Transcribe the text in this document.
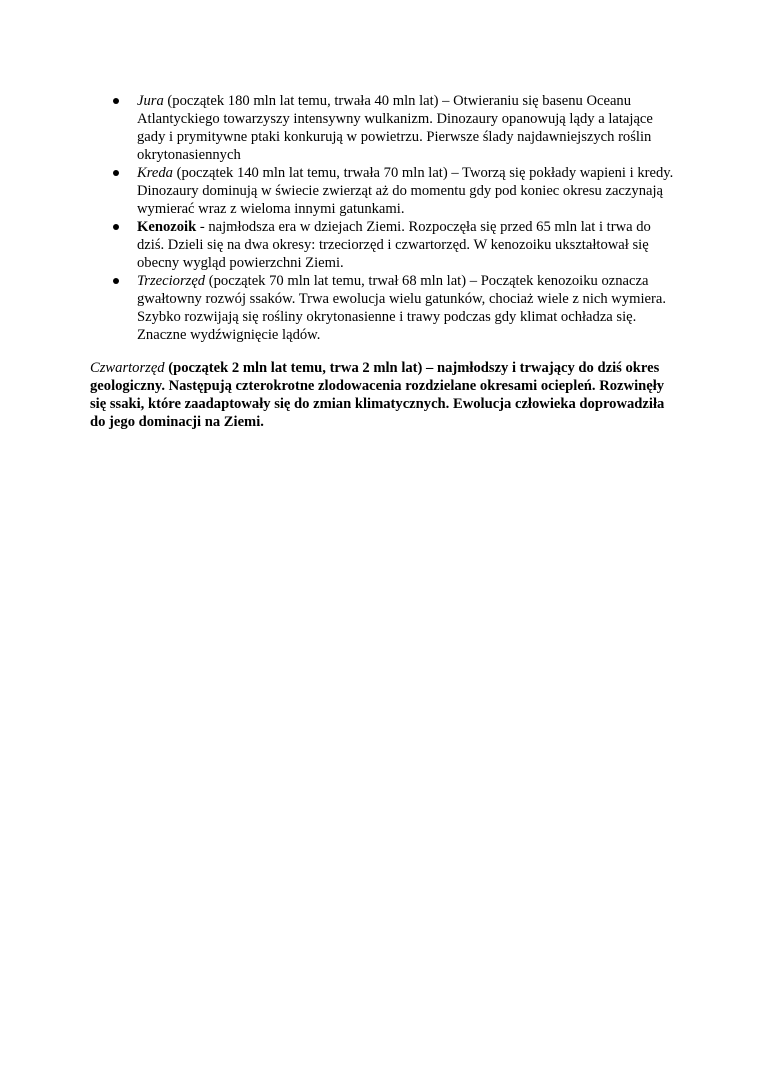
Jura (początek 180 mln lat temu, trwała 40 mln lat) – Otwieraniu się basenu Oceanu Atlantyckiego towarzyszy intensywny wulkanizm. Dinozaury opanowują lądy a latające gady i prymitywne ptaki konkurują w powietrzu. Pierwsze ślady najdawniejszych roślin okrytonasiennych
Kreda (początek 140 mln lat temu, trwała 70 mln lat) – Tworzą się pokłady wapieni i kredy. Dinozaury dominują w świecie zwierząt aż do momentu gdy pod koniec okresu zaczynają wymierać wraz z wieloma innymi gatunkami.
Kenozoik - najmłodsza era w dziejach Ziemi. Rozpoczęła się przed 65 mln lat i trwa do dziś. Dzieli się na dwa okresy: trzeciorzęd i czwartorzęd. W kenozoiku ukształtował się obecny wygląd powierzchni Ziemi.
Trzeciorzęd (początek 70 mln lat temu, trwał 68 mln lat) – Początek kenozoiku oznacza gwałtowny rozwój ssaków. Trwa ewolucja wielu gatunków, chociaż wiele z nich wymiera. Szybko rozwijają się rośliny okrytonasienne i trawy podczas gdy klimat ochładza się. Znaczne wydźwignięcie lądów.

Czwartorzęd (początek 2 mln lat temu, trwa 2 mln lat) – najmłodszy i trwający do dziś okres geologiczny. Następują czterokrotne zlodowacenia rozdzielane okresami ociepleń. Rozwinęły się ssaki, które zaadaptowały się do zmian klimatycznych. Ewolucja człowieka doprowadziła do jego dominacji na Ziemi.
